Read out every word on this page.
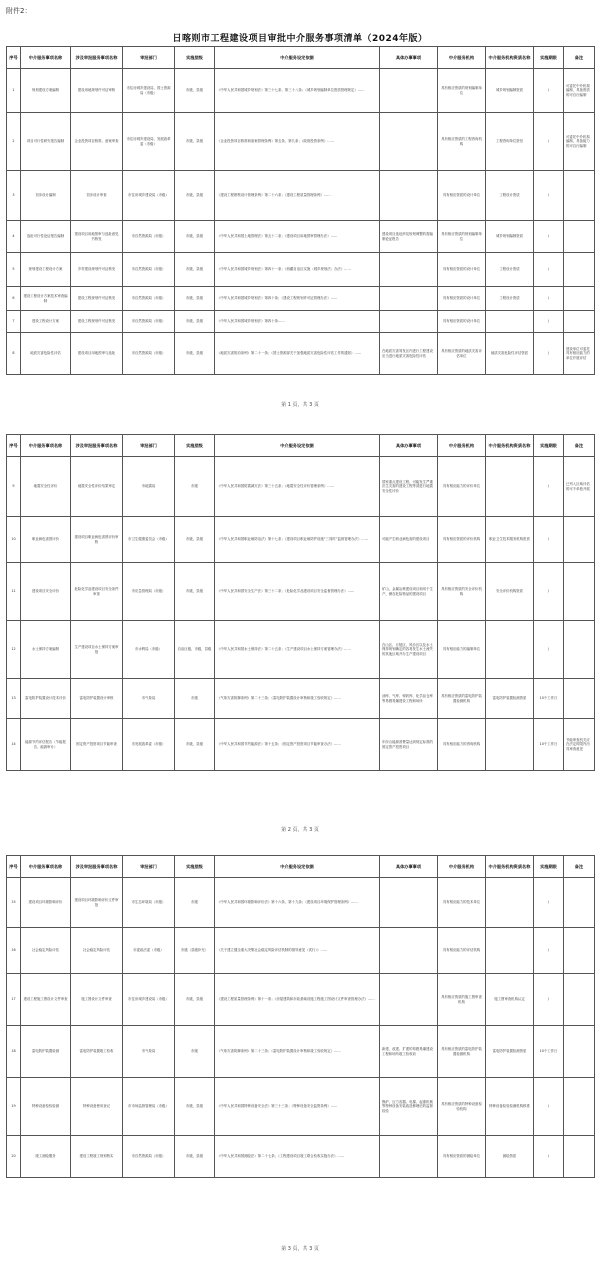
附件2：
日喀则市工程建设项目审批中介服务事项清单（2024年版）
序号	中介服务事项名称	涉及审批服务事项名称	审批部门	实施层级	中介服务设定依据	具体办事事项	中介服务机构	中介服务机构资质名称	实施期限	备注
1	规划建设方案编制	建设用地规划许可证审核	市住房城乡建设局、国土资源局（市级）	市级，县级	《中华人民共和国城乡规划法》第三十七条、第三十八条；《城乡规划编制单位资质管理规定》……		具有相应资质的规划编制单位	城乡规划编制资质	/	可委托中介机构编制，具备资质的可自行编制
2	项目可行性研究报告编制	企业投资项目核准、备案审查	市住房城乡建设局、发展改革委（市级）	市级，县级	《企业投资项目核准和备案管理条例》第五条、第九条；《政府投资条例》……		具有相应资质的工程咨询机构	工程咨询单位资信	/	可委托中介机构编制，具备能力的可自行编制
3	初步设计编制	初步设计审查	市住房城乡建设局（市级）	市级，县级	《建设工程勘察设计管理条例》第二十六条；《建设工程质量管理条例》……		具有相应资质的设计单位	工程设计资质	/	
4	选址可行性论证报告编制	建设项目用地预审与选址意见书核发	市自然资源局（市级）	市级，县级	《中华人民共和国土地管理法》第五十二条；《建设项目用地预审管理办法》……	建设项目选址涉及规划调整的需编制论证报告	具有相应资质的规划编制单位	城乡规划编制资质	/	
5	规划建设工程设计方案	乡村建设规划许可证核发	市自然资源局（市级）	市级，县级	《中华人民共和国城乡规划法》第四十一条；《西藏自治区实施〈城乡规划法〉办法》……		具有相应资质的设计单位	工程设计资质	/	
6	建设工程设计方案技术审查编制	建设工程规划许可证核发	市自然资源局（市级）	市级，县级	《中华人民共和国城乡规划法》第四十条；《建设工程规划许可证管理办法》……		具有相应资质的设计单位	工程设计资质	/	
7	建设工程设计方案	建设工程规划许可证核发	市自然资源局（市级）	市级，县级	《中华人民共和国城乡规划法》第四十条……		具有相应资质的设计单位		/	
8	地质灾害危险性评估	建设项目用地预审与选址	市自然资源局（市级）	市级，县级	《地质灾害防治条例》第二十一条；《国土资源部关于加强地质灾害危险性评估工作的通知》……	在地质灾害易发区内进行工程建设应当进行地质灾害危险性评估	具有相应资质的地质灾害评估单位	地质灾害危险性评估资质	/	建设单位可委托具有相应能力的单位开展评估
第 1 页，共 3 页
序号	中介服务事项名称	涉及审批服务事项名称	审批部门	实施层级	中介服务设定依据	具体办事事项	中介服务机构	中介服务机构资质名称	实施期限	备注
9	地震安全性评价	地震安全性评价结果审定	市地震局	市级	《中华人民共和国防震减灾法》第三十五条；《地震安全性评价管理条例》……	国家重点建设工程、可能发生严重次生灾害的建设工程等须进行地震安全性评价	具有相应能力的评价单位		/	已列入区域评估的可不单独开展
10	职业病危害预评价	建设项目职业病危害预评价审核	市卫生健康委员会（市级）	市级，县级	《中华人民共和国职业病防治法》第十七条；《建设项目职业病防护设施“三同时”监督管理办法》……	可能产生职业病危害的建设项目	具有相应资质的评价机构	职业卫生技术服务机构资质	/	
11	建设项目安全评价	危险化学品建设项目安全条件审查	市应急管理局（市级）	市级，县级	《中华人民共和国安全生产法》第三十二条；《危险化学品建设项目安全监督管理办法》……	矿山、金属冶炼建设项目和用于生产、储存危险物品的建设项目	具有相应资质的安全评价机构	安全评价机构资质	/	
12	水土保持方案编制	生产建设项目水土保持方案审批	市水利局（市级）	自治区级，市级，县级	《中华人民共和国水土保持法》第二十五条；《生产建设项目水土保持方案管理办法》……	在山区、丘陵区、风沙区以及水土保持规划确定的容易发生水土流失的其他区域开办生产建设项目	具有相应能力的编制单位		/	
13	雷电防护装置设计技术评价	雷电防护装置设计审核	市气象局	市级	《气象灾害防御条例》第二十三条；《雷电防护装置设计审核和竣工验收规定》……	油库、气库、弹药库、化学品仓库等易燃易爆建设工程和场所	具有相应资质的雷电防护装置检测机构	雷电防护装置检测资质	10个工作日	
14	能源节约评估报告（节能报告、能源审计）	固定资产投资项目节能审查	市发展改革委（市级）	市级，县级	《中华人民共和国节约能源法》第十五条；《固定资产投资项目节能审查办法》……	年综合能源消费量达到规定标准的固定资产投资项目	具有相应能力的咨询机构		10个工作日	节能审查机关应在法定时限内出具审查意见
第 2 页，共 3 页
序号	中介服务事项名称	涉及审批服务事项名称	审批部门	实施层级	中介服务设定依据	具体办事事项	中介服务机构	中介服务机构资质名称	实施期限	备注
15	建设项目环境影响评价	建设项目环境影响评价文件审批	市生态环境局（市级）	市级	《中华人民共和国环境影响评价法》第十六条、第十九条；《建设项目环境保护管理条例》……		具有相应能力的技术单位		/	
16	社会稳定风险评估	社会稳定风险评估	市委政法委（市级）	市级（县级补充）	《关于建立健全重大决策社会稳定风险评估机制的指导意见（试行）》……		具有相应能力的评估机构		/	
17	建设工程施工图设计文件审查	施工图设计文件审查	市住房城乡建设局（市级）	市级，县级	《建设工程质量管理条例》第十一条；《房屋建筑和市政基础设施工程施工图设计文件审查管理办法》……		具有相应资质的施工图审查机构	施工图审查机构认定	/	
18	雷电防护装置检测	雷电防护装置竣工验收	市气象局	市级	《气象灾害防御条例》第二十三条；《雷电防护装置设计审核和竣工验收规定》……	新建、改建、扩建的易燃易爆建设工程和场所竣工验收前	具有相应资质的雷电防护装置检测机构	雷电防护装置检测资质	10个工作日	
19	特种设备检验检测	特种设备使用登记	市市场监督管理局（市级）	市级，县级	《中华人民共和国特种设备安全法》第三十三条；《特种设备安全监察条例》……	锅炉、压力容器、电梯、起重机械等特种设备安装改造修理后的监督检验	具有相应资质的特种设备检验机构	特种设备检验检测机构核准	/	
20	竣工测绘服务	建设工程竣工规划核实	市自然资源局（市级）	市级，县级	《中华人民共和国测绘法》第二十七条；《工程建设项目竣工联合验收实施办法》……		具有相应资质的测绘单位	测绘资质	/	
第 3 页，共 3 页
